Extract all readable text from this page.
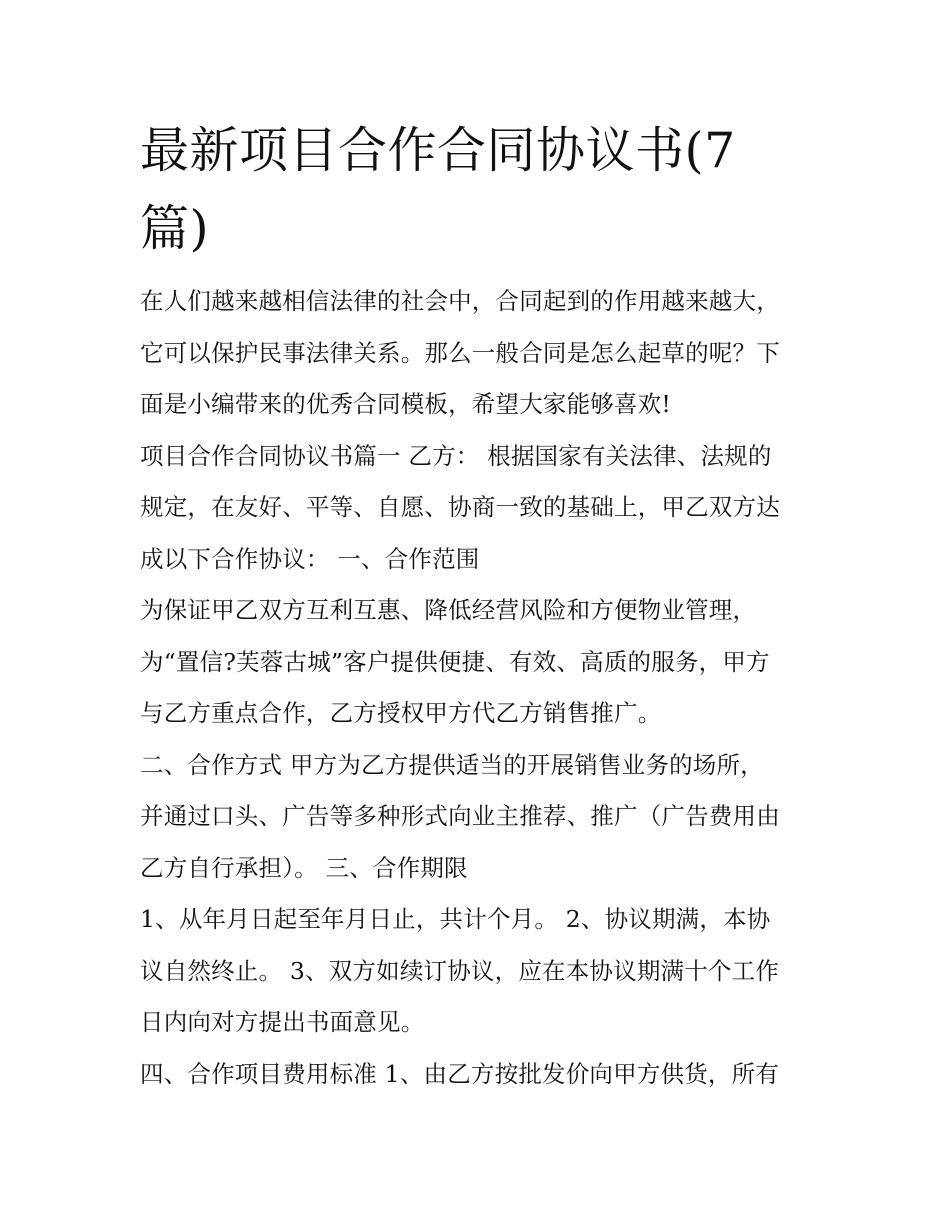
最新项目合作合同协议书(7
篇)
在人们越来越相信法律的社会中，合同起到的作用越来越大，
它可以保护民事法律关系。那么一般合同是怎么起草的呢？下
面是小编带来的优秀合同模板，希望大家能够喜欢!
项目合作合同协议书篇一 乙方： 根据国家有关法律、法规的
规定，在友好、平等、自愿、协商一致的基础上，甲乙双方达
成以下合作协议： 一、合作范围
为保证甲乙双方互利互惠、降低经营风险和方便物业管理，
为“置信?芙蓉古城”客户提供便捷、有效、高质的服务，甲方
与乙方重点合作，乙方授权甲方代乙方销售推广。
二、合作方式 甲方为乙方提供适当的开展销售业务的场所，
并通过口头、广告等多种形式向业主推荐、推广（广告费用由
乙方自行承担）。 三、合作期限
1、从年月日起至年月日止，共计个月。 2、协议期满，本协
议自然终止。 3、双方如续订协议，应在本协议期满十个工作
日内向对方提出书面意见。
四、合作项目费用标准 1、由乙方按批发价向甲方供货，所有
